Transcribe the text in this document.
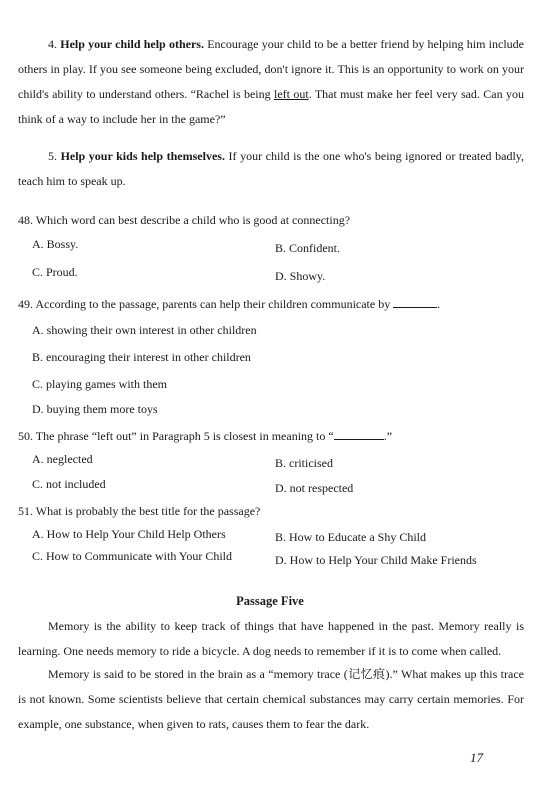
4. Help your child help others. Encourage your child to be a better friend by helping him include others in play. If you see someone being excluded, don't ignore it. This is an opportunity to work on your child's ability to understand others. “Rachel is being left out. That must make her feel very sad. Can you think of a way to include her in the game?”

5. Help your kids help themselves. If your child is the one who's being ignored or treated badly, teach him to speak up.

48. Which word can best describe a child who is good at connecting?

A. Bossy.	B. Confident.

C. Proud.	D. Showy.

49. According to the passage, parents can help their children communicate by	.

A. showing their own interest in other children

B. encouraging their interest in other children

C. playing games with them

D. buying them more toys

50. The phrase “left out” in Paragraph 5 is closest in meaning to “	.”

A. neglected	B. criticised

C. not included	D. not respected

51. What is probably the best title for the passage?

A. How to Help Your Child Help Others	B. How to Educate a Shy Child

C. How to Communicate with Your Child	D. How to Help Your Child Make Friends

Passage Five

Memory is the ability to keep track of things that have happened in the past. Memory really is learning. One needs memory to ride a bicycle. A dog needs to remember if it is to come when called.

Memory is said to be stored in the brain as a “memory trace (记忆痕).” What makes up this trace is not known. Some scientists believe that certain chemical substances may carry certain memories. For example, one substance, when given to rats, causes them to fear the dark.

17
